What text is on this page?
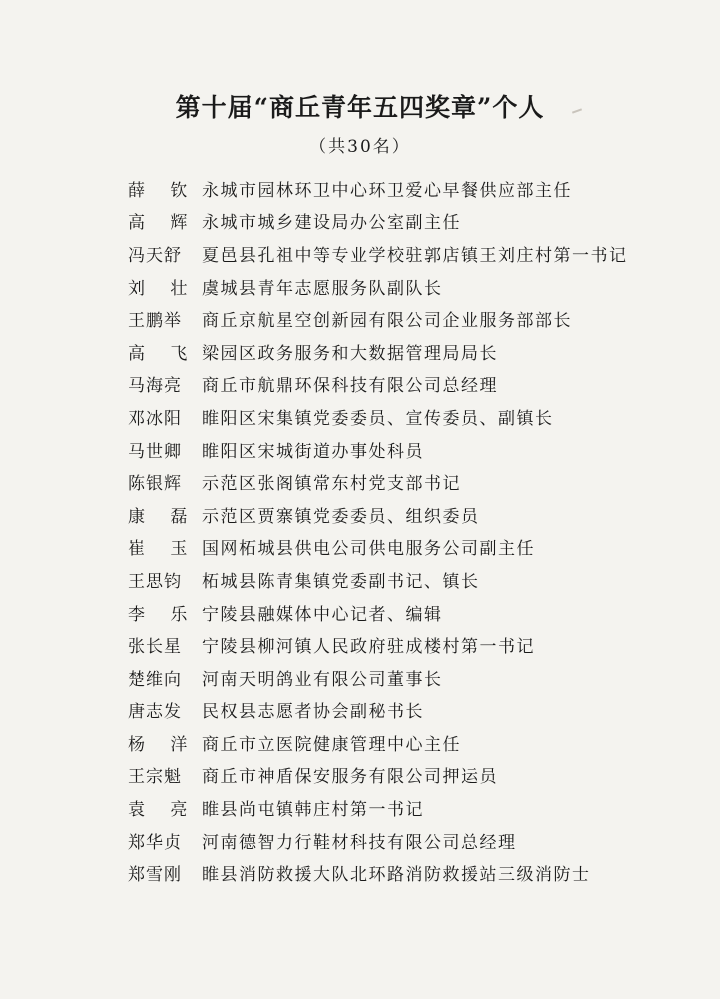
第十届“商丘青年五四奖章”个人
（共30名）
薛 钦 永城市园林环卫中心环卫爱心早餐供应部主任
高 辉 永城市城乡建设局办公室副主任
冯天舒	夏邑县孔祖中等专业学校驻郭店镇王刘庄村第一书记
刘 壮 虞城县青年志愿服务队副队长
王鹏举	商丘京航星空创新园有限公司企业服务部部长
高 飞 梁园区政务服务和大数据管理局局长
马海亮	商丘市航鼎环保科技有限公司总经理
邓冰阳	睢阳区宋集镇党委委员、宣传委员、副镇长
马世卿	睢阳区宋城街道办事处科员
陈银辉	示范区张阁镇常东村党支部书记
康 磊 示范区贾寨镇党委委员、组织委员
崔 玉 国网柘城县供电公司供电服务公司副主任
王思钧	柘城县陈青集镇党委副书记、镇长
李 乐 宁陵县融媒体中心记者、编辑
张长星	宁陵县柳河镇人民政府驻成楼村第一书记
楚维向	河南天明鸽业有限公司董事长
唐志发	民权县志愿者协会副秘书长
杨 洋 商丘市立医院健康管理中心主任
王宗魁	商丘市神盾保安服务有限公司押运员
袁 亮 睢县尚屯镇韩庄村第一书记
郑华贞	河南德智力行鞋材科技有限公司总经理
郑雪刚	睢县消防救援大队北环路消防救援站三级消防士
